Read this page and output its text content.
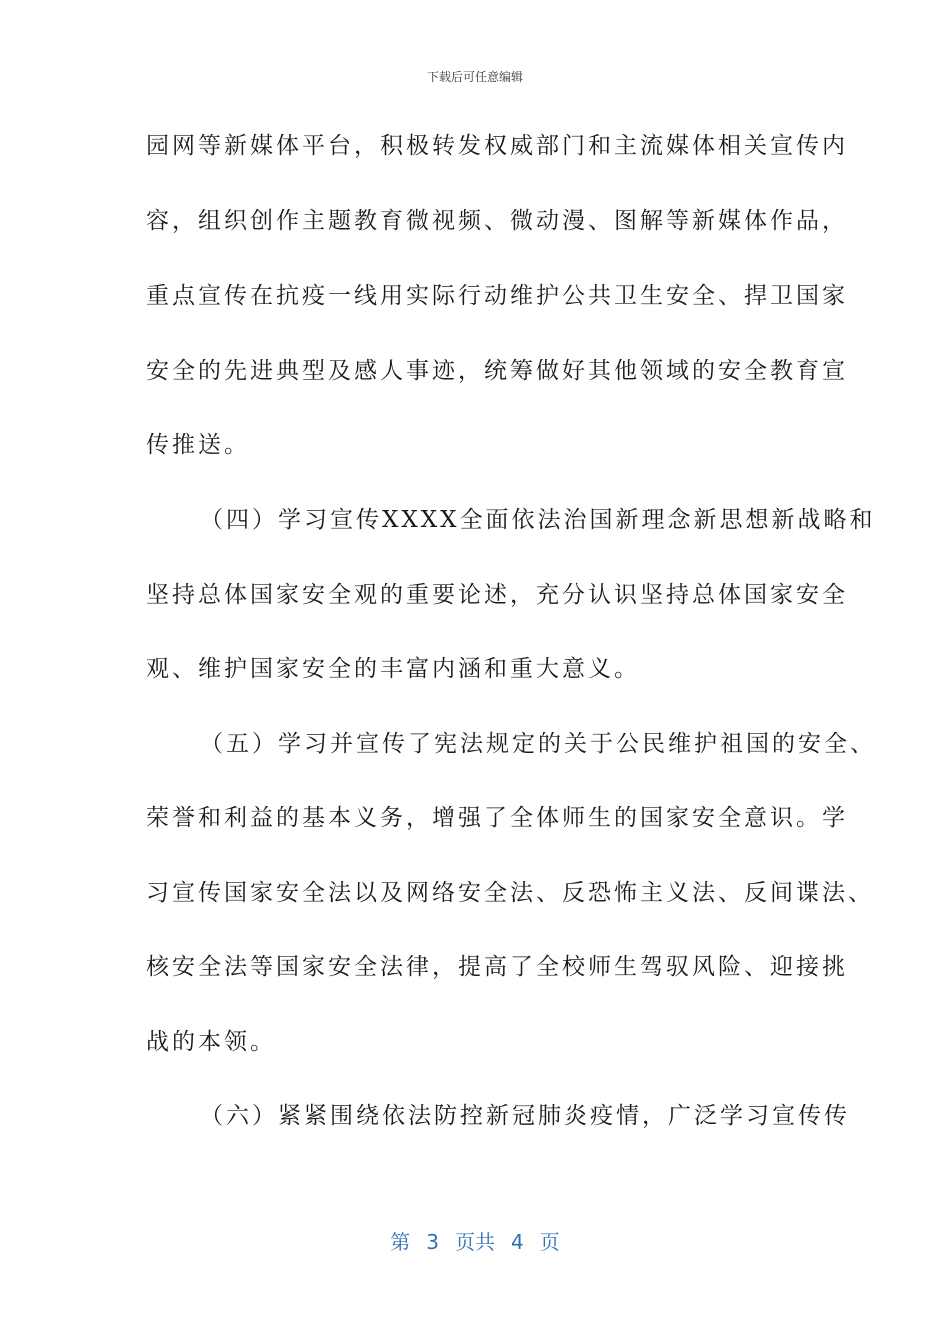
下载后可任意编辑
园网等新媒体平台，积极转发权威部门和主流媒体相关宣传内
容，组织创作主题教育微视频、微动漫、图解等新媒体作品，
重点宣传在抗疫一线用实际行动维护公共卫生安全、捍卫国家
安全的先进典型及感人事迹，统筹做好其他领域的安全教育宣
传推送。
（四）学习宣传XXXX全面依法治国新理念新思想新战略和
坚持总体国家安全观的重要论述，充分认识坚持总体国家安全
观、维护国家安全的丰富内涵和重大意义。
（五）学习并宣传了宪法规定的关于公民维护祖国的安全、
荣誉和利益的基本义务，增强了全体师生的国家安全意识。学
习宣传国家安全法以及网络安全法、反恐怖主义法、反间谍法、
核安全法等国家安全法律，提高了全校师生驾驭风险、迎接挑
战的本领。
（六）紧紧围绕依法防控新冠肺炎疫情，广泛学习宣传传
第 3 页共 4 页
